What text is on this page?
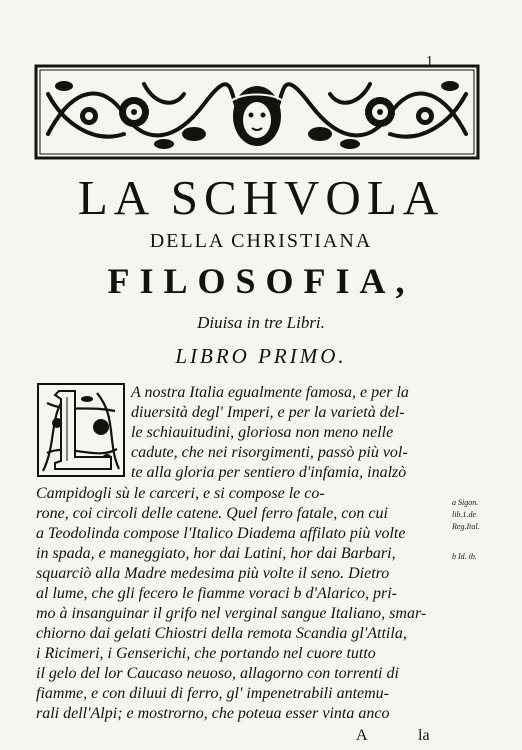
1
LA SCHVOLA
DELLA CHRISTIANA
FILOSOFIA,
Diuisa in tre Libri.
LIBRO PRIMO.
A nostra Italia egualmente famosa, e per la
diuersità degl' Imperi, e per la varietà del-
le schiauitudini, gloriosa non meno nelle
cadute, che nei risorgimenti, passò più vol-
te alla gloria per sentiero d'infamia, inalzò
Campidogli sù le carceri, e si compose le co-
rone, coi circoli delle catene. Quel ferro fatale, con cui
a Teodolinda compose l'Italico Diadema affilato più volte
in spada, e maneggiato, hor dai Latini, hor dai Barbari,
squarciò alla Madre medesima più volte il seno. Dietro
al lume, che gli fecero le fiamme voraci b d'Alarico, pri-
mo à insanguinar il grifo nel verginal sangue Italiano, smar-
chiorno dai gelati Chiostri della remota Scandia gl'Attila,
i Ricimeri, i Genserichi, che portando nel cuore tutto
il gelo del lor Caucaso neuoso, allagorno con torrenti di
fiamme, e con diluui di ferro, gl' impenetrabili antemu-
rali dell'Alpi; e mostrorno, che poteua esser vinta anco
a Sigon.
lib.1.de
Reg.Ital.
b Id. ib.
A	la
